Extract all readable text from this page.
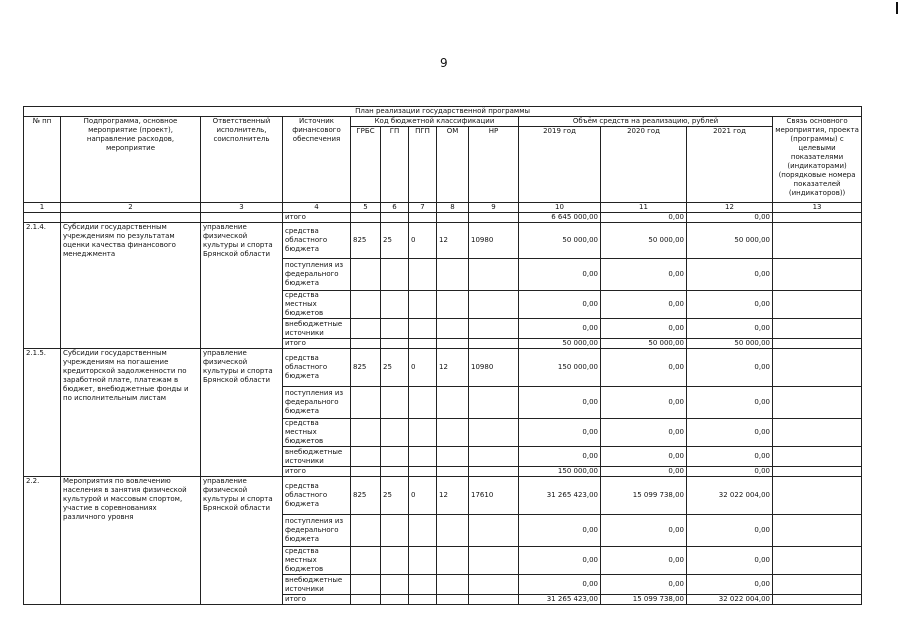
9
План реализации государственной программы												
№ пп	Подпрограмма, основное мероприятие (проект), направление расходов, мероприятие	Ответственный исполнитель, соисполнитель	Источник финансового обеспечения	Код бюджетной классификации					Объём средств на реализацию, рублей			Связь основного мероприятия, проекта (программы) с целевыми показателями (индикаторами) (порядковые номера показателей (индикаторов))
				ГРБС	ГП	ПГП	ОМ	НР	2019 год	2020 год	2021 год	
1	2	3	4	5	6	7	8	9	10	11	12	13
			итого						6 645 000,00	0,00	0,00	
2.1.4.	Субсидии государственным учреждениям по результатам оценки качества финансового менеджмента	управление физической культуры и спорта Брянской области	средства областного бюджета	825	25	0	12	10980	50 000,00	50 000,00	50 000,00	
			поступления из федерального бюджета						0,00	0,00	0,00	
			средства местных бюджетов						0,00	0,00	0,00	
			внебюджетные источники						0,00	0,00	0,00	
			итого						50 000,00	50 000,00	50 000,00	
2.1.5.	Субсидии государственным учреждениям на погашение кредиторской задолженности по заработной плате, платежам в бюджет, внебюджетные фонды и по исполнительным листам	управление физической культуры и спорта Брянской области	средства областного бюджета	825	25	0	12	10980	150 000,00	0,00	0,00	
			поступления из федерального бюджета						0,00	0,00	0,00	
			средства местных бюджетов						0,00	0,00	0,00	
			внебюджетные источники						0,00	0,00	0,00	
			итого						150 000,00	0,00	0,00	
2.2.	Мероприятия по вовлечению населения в занятия физической культурой и массовым спортом, участие в соревнованиях различного уровня	управление физической культуры и спорта Брянской области	средства областного бюджета	825	25	0	12	17610	31 265 423,00	15 099 738,00	32 022 004,00	
			поступления из федерального бюджета						0,00	0,00	0,00	
			средства местных бюджетов						0,00	0,00	0,00	
			внебюджетные источники						0,00	0,00	0,00	
			итого						31 265 423,00	15 099 738,00	32 022 004,00	
